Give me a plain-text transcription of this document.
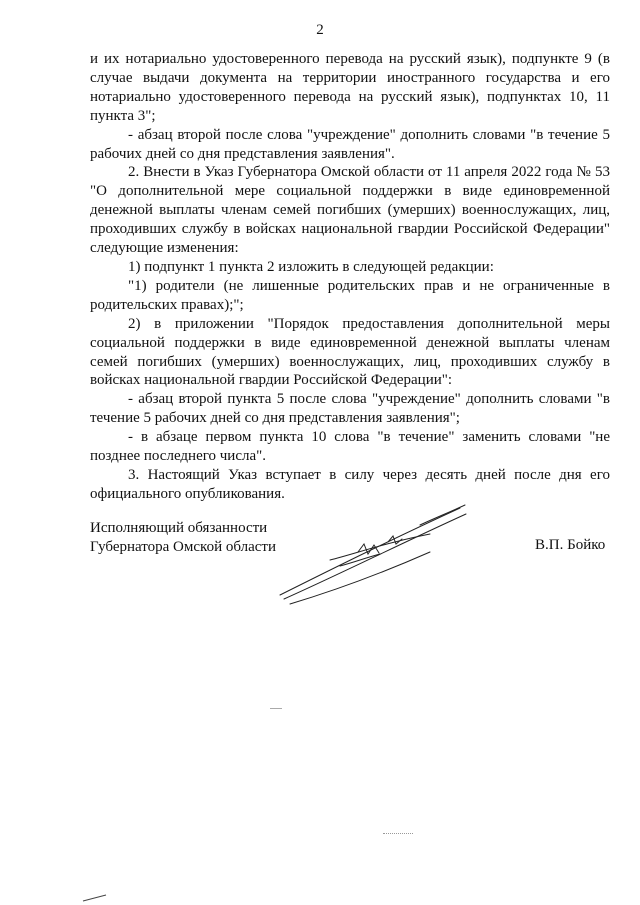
2

и их нотариально удостоверенного перевода на русский язык), подпункте 9 (в случае выдачи документа на территории иностранного государства и его нотариально удостоверенного перевода на русский язык), подпунктах 10, 11 пункта 3";

- абзац второй после слова "учреждение" дополнить словами "в течение 5 рабочих дней со дня представления заявления".

2. Внести в Указ Губернатора Омской области от 11 апреля 2022 года № 53 "О дополнительной мере социальной поддержки в виде единовременной денежной выплаты членам семей погибших (умерших) военнослужащих, лиц, проходивших службу в войсках национальной гвардии Российской Федерации" следующие изменения:

1) подпункт 1 пункта 2 изложить в следующей редакции:

"1) родители (не лишенные родительских прав и не ограниченные в родительских правах);";

2) в приложении "Порядок предоставления дополнительной меры социальной поддержки в виде единовременной денежной выплаты членам семей погибших (умерших) военнослужащих, лиц, проходивших службу в войсках национальной гвардии Российской Федерации":

- абзац второй пункта 5 после слова "учреждение" дополнить словами "в течение 5 рабочих дней со дня представления заявления";

- в абзаце первом пункта 10 слова "в течение" заменить словами "не позднее последнего числа".

3. Настоящий Указ вступает в силу через десять дней после дня его официального опубликования.

Исполняющий обязанности
Губернатора Омской области	В.П. Бойко
